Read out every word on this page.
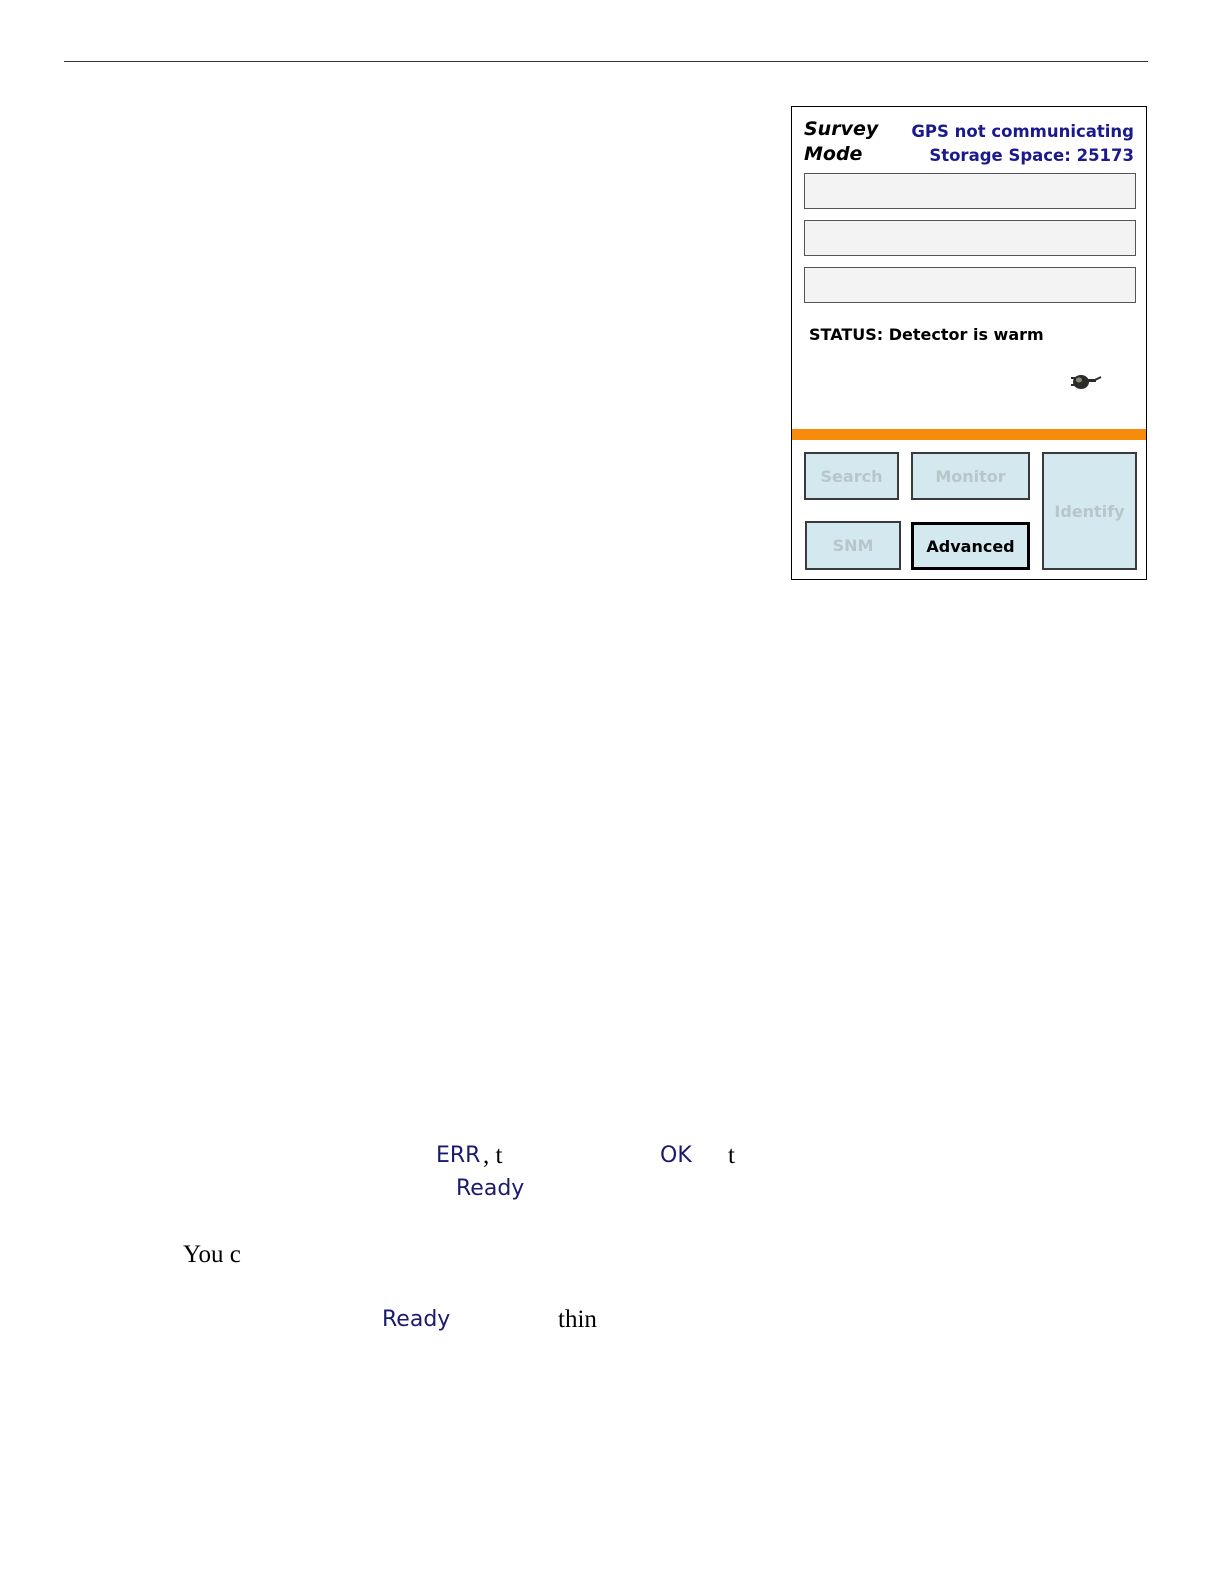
Survey
Mode
GPS not communicating
Storage Space: 25173
STATUS: Detector is warm
Search	Monitor
Identify
SNM	Advanced
ERR , t	OK t
Ready
You c
Ready	thin
